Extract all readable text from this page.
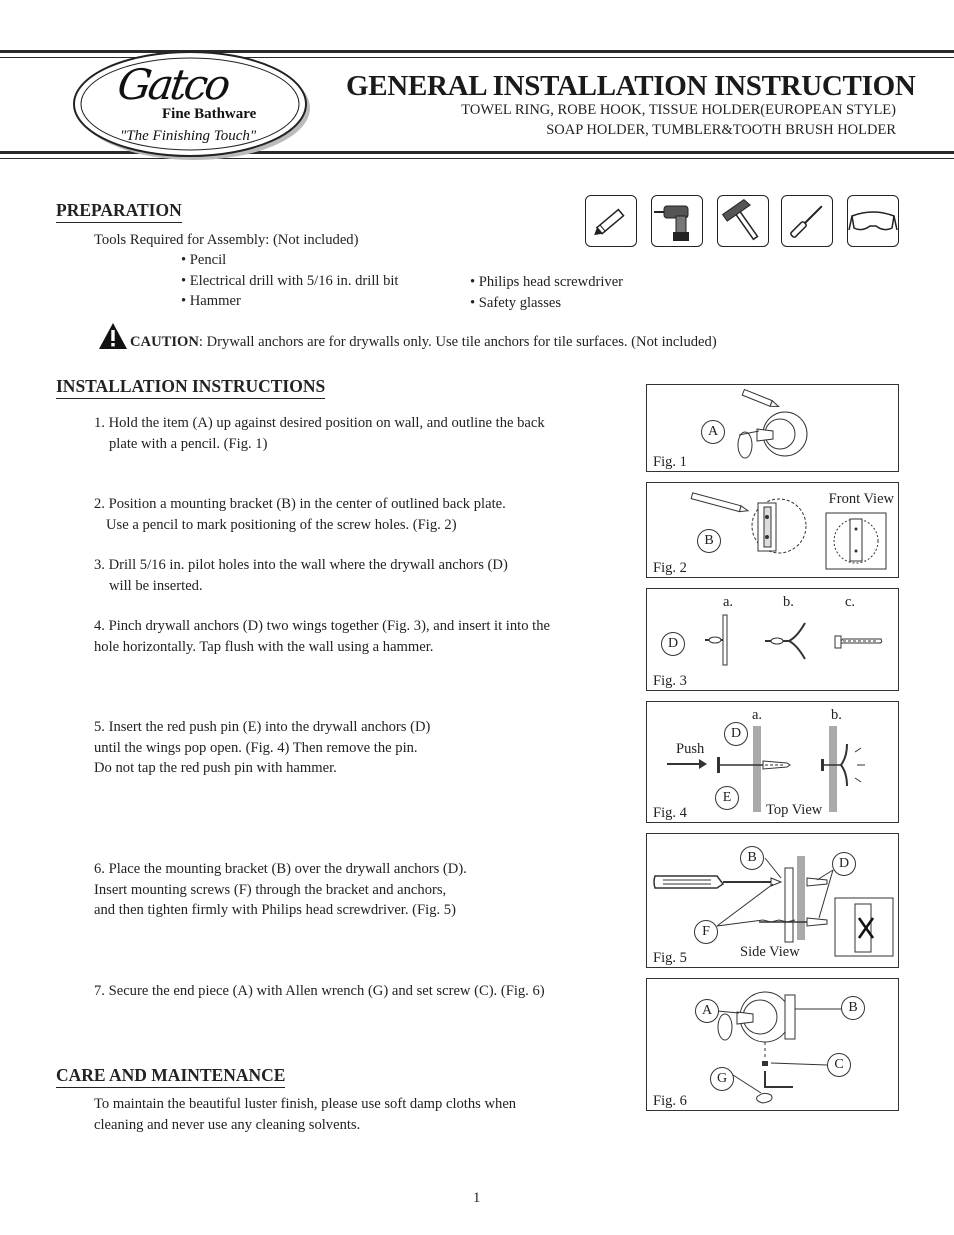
Gatco
Fine Bathware
"The Finishing Touch"
GENERAL INSTALLATION INSTRUCTION
TOWEL RING, ROBE HOOK, TISSUE HOLDER(EUROPEAN STYLE)
SOAP HOLDER, TUMBLER&TOOTH BRUSH HOLDER
PREPARATION
Tools Required for Assembly: (Not included)
• Pencil
• Electrical drill with 5/16 in. drill bit
• Hammer
• Philips head screwdriver
• Safety glasses
CAUTION: Drywall anchors are for drywalls only. Use tile anchors for tile surfaces. (Not included)
INSTALLATION INSTRUCTIONS
1. Hold the item (A) up against desired position on wall, and outline the back
plate with a pencil. (Fig. 1)
2. Position a mounting bracket (B) in the center of outlined back plate.
Use a pencil to mark positioning of the screw holes. (Fig. 2)
3. Drill 5/16 in. pilot holes into the wall where the drywall anchors (D)
will be inserted.
4. Pinch drywall anchors (D) two wings together (Fig. 3), and insert it into the
hole horizontally. Tap flush with the wall using a hammer.
5. Insert the red push pin (E) into the drywall anchors (D)
until the wings pop open. (Fig. 4) Then remove the pin.
Do not tap the red push pin with hammer.
6. Place the mounting bracket (B) over the drywall anchors (D).
Insert mounting screws (F) through the bracket and anchors,
and then tighten firmly with Philips head screwdriver. (Fig. 5)
7. Secure the end piece (A) with Allen wrench (G) and set screw (C). (Fig. 6)
CARE AND MAINTENANCE
To maintain the beautiful luster finish, please use soft damp cloths when
cleaning and never use any cleaning solvents.
A
Fig. 1
B
Front View
Fig. 2
D
a.	b.	c.
Fig. 3
Push
D
E
a.	b.
Top View
Fig. 4
B	D
F
Side View
Fig. 5
A	B
C
G
Fig. 6
1
